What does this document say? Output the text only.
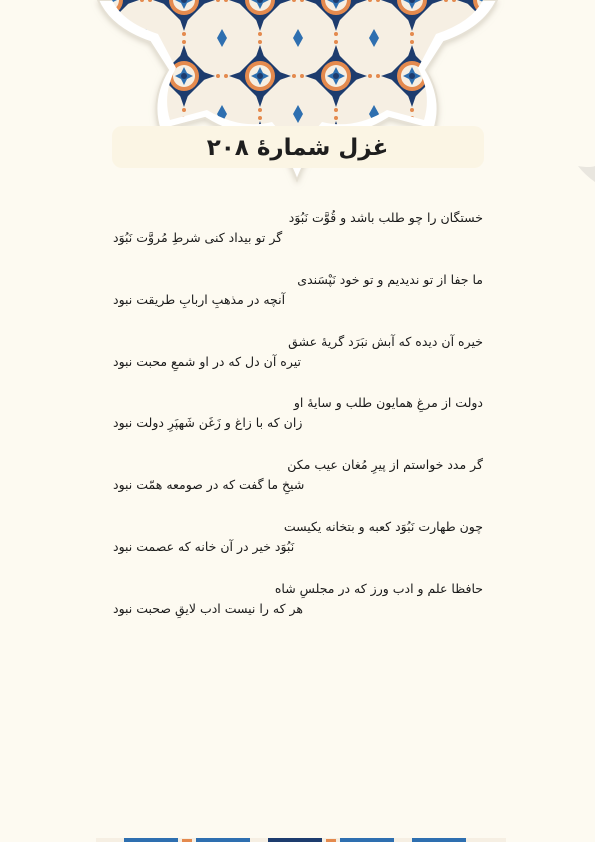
غزل شمارهٔ ۲۰۸
خستگان را چو طلب باشد و قُوَّت نَبُوَد
گر تو بیداد کنی شرطِ مُروَّت نَبُوَد
ما جفا از تو ندیدیم و تو خود نَپْسَندی
آنچه در مذهبِ اربابِ طریقت نبود
خیره آن دیده که آبش نبَرَد گریهٔ عشق
تیره آن دل که در او شمعِ محبت نبود
دولت از مرغِ همایون طلب و سایهٔ او
زان که با زاغ و زَغَن شَهپَرِ دولت نبود
گر مدد خواستم از پیرِ مُغان عیب مکن
شیخِ ما گفت که در صومعه همّت نبود
چون طهارت نَبُوَد کعبه و بتخانه یکیست
نَبُوَد خیر در آن خانه که عصمت نبود
حافظا علم و ادب ورز که در مجلسِ شاه
هر که را نیست ادب لایقِ صحبت نبود
